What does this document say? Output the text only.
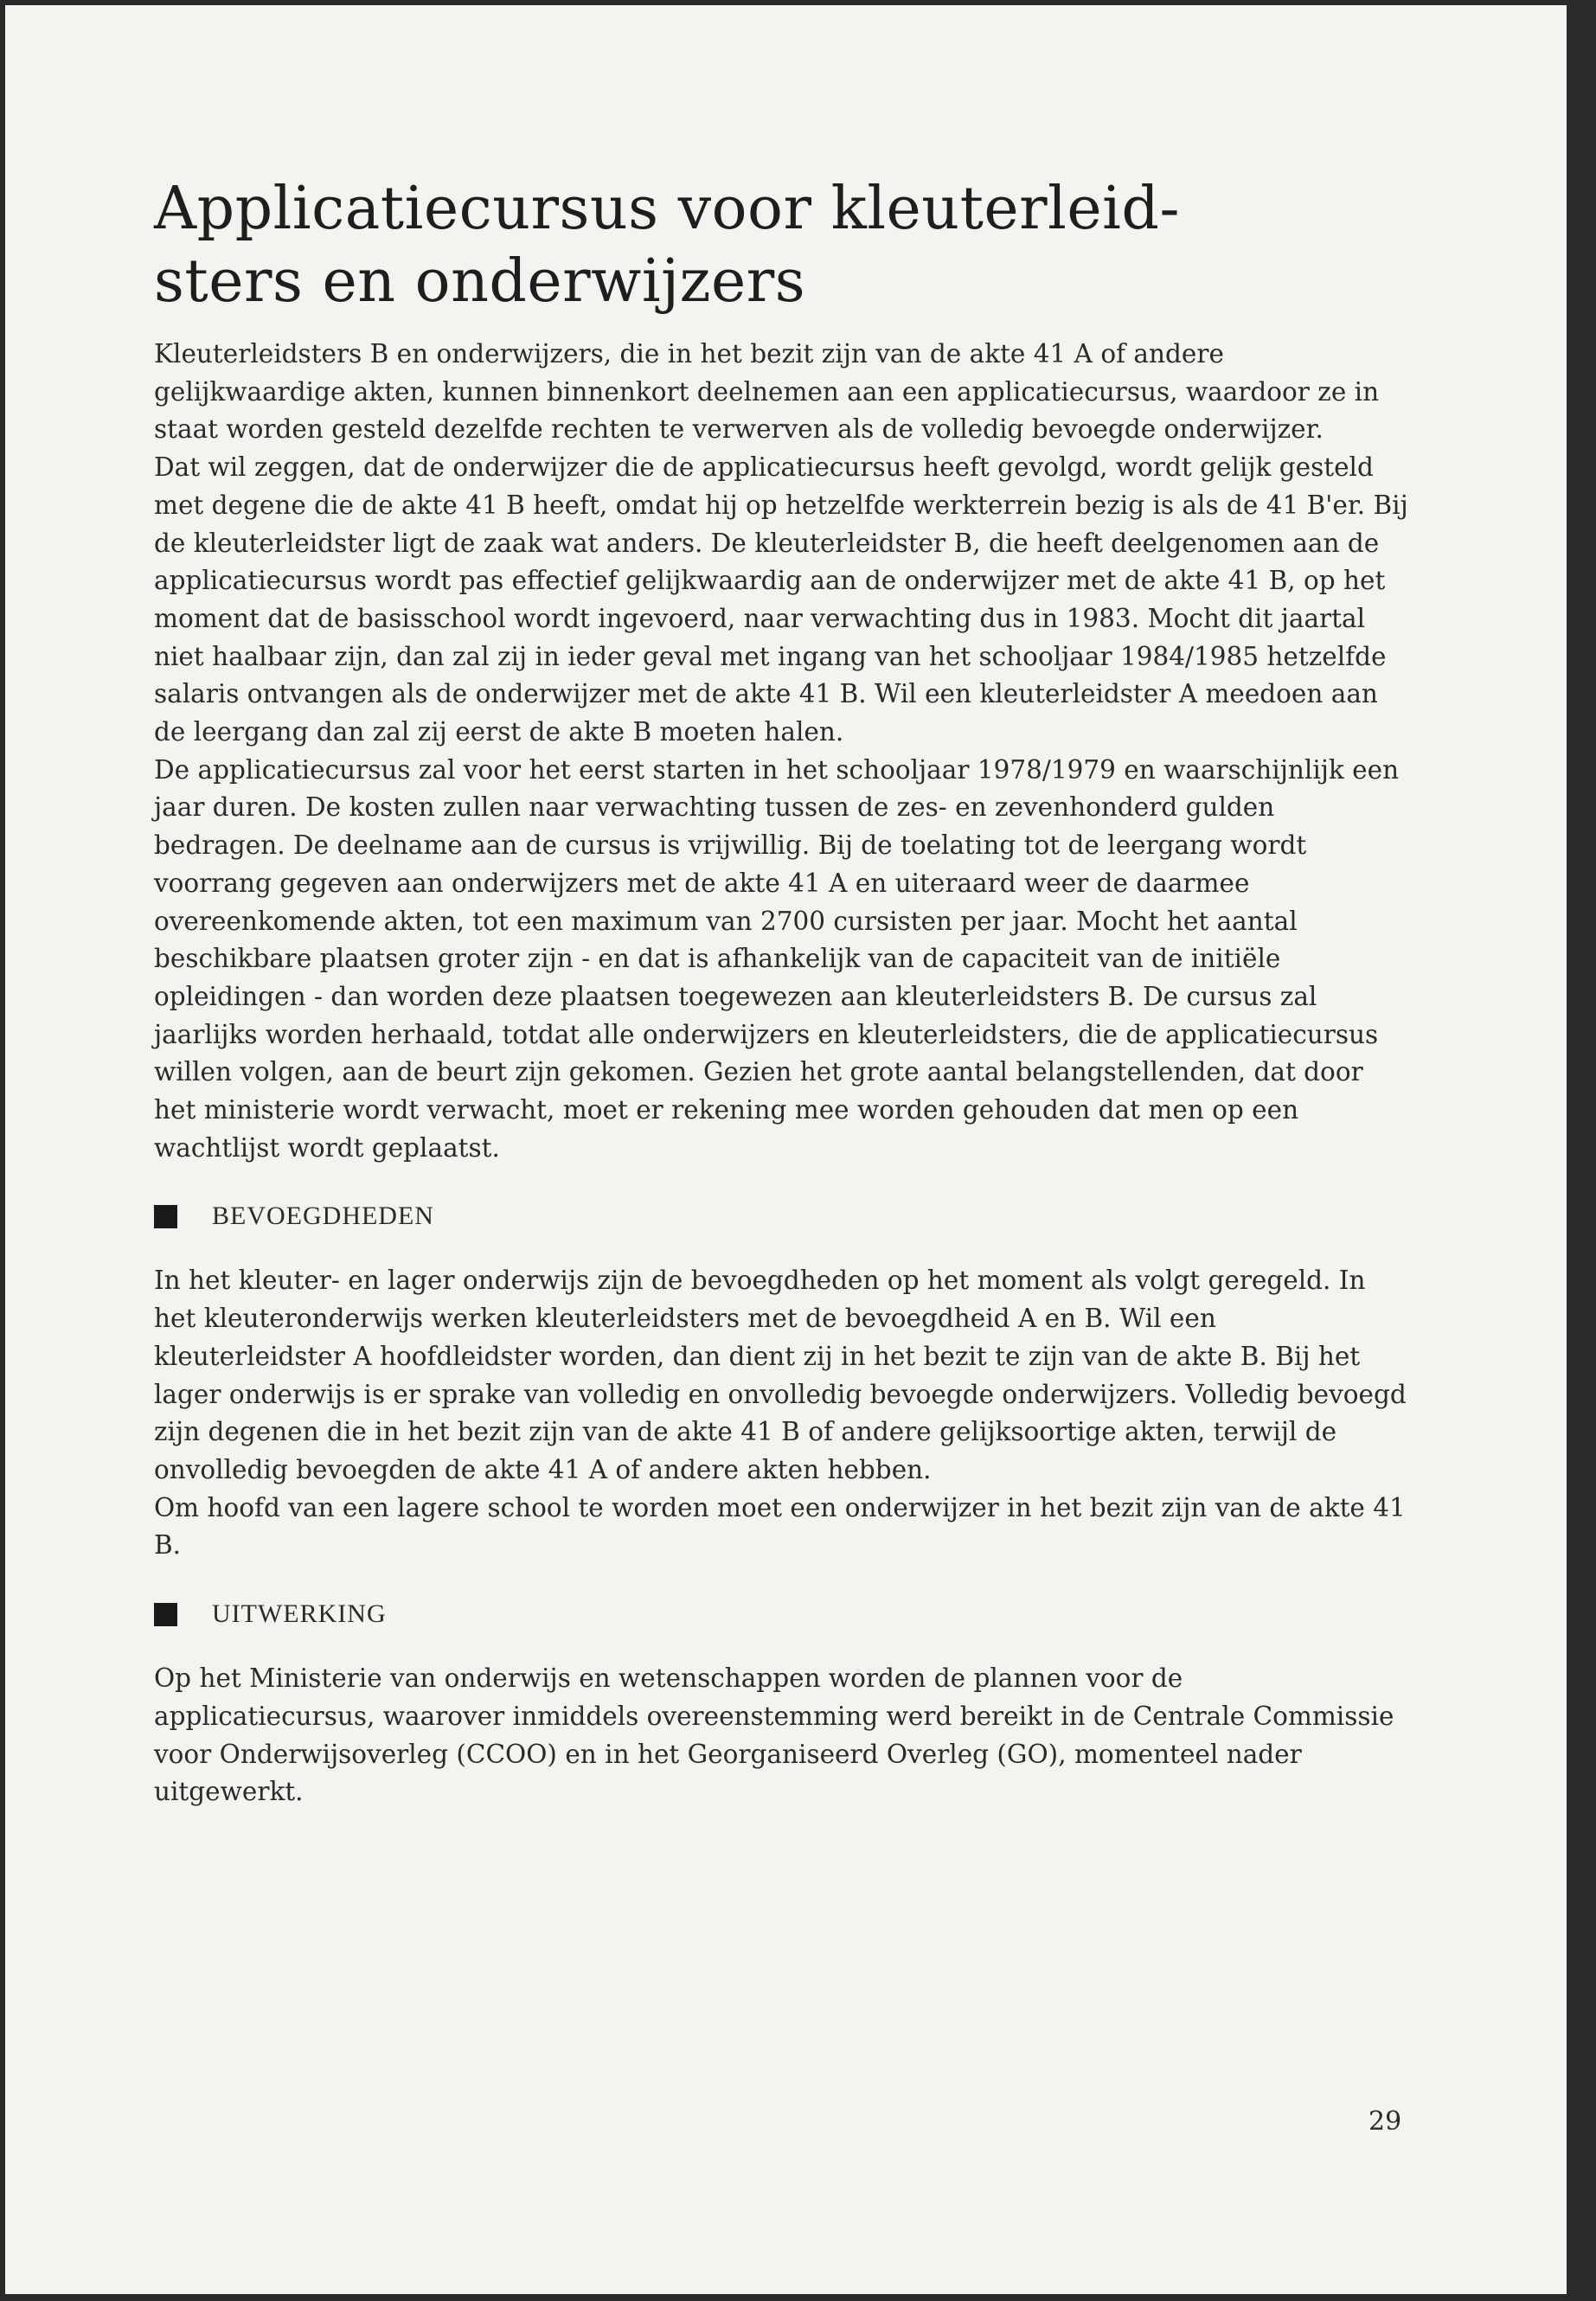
Applicatiecursus voor kleuterleid-
sters en onderwijzers

Kleuterleidsters B en onderwijzers, die in het bezit zijn van de akte 41 A of andere gelijkwaardige akten, kunnen binnenkort deelnemen aan een applicatiecursus, waardoor ze in staat worden gesteld dezelfde rechten te verwerven als de volledig bevoegde onderwijzer.

Dat wil zeggen, dat de onderwijzer die de applicatiecursus heeft gevolgd, wordt gelijk gesteld met degene die de akte 41 B heeft, omdat hij op hetzelfde werkterrein bezig is als de 41 B'er. Bij de kleuterleidster ligt de zaak wat anders. De kleuterleidster B, die heeft deelgenomen aan de applicatiecursus wordt pas effectief gelijkwaardig aan de onderwijzer met de akte 41 B, op het moment dat de basisschool wordt ingevoerd, naar verwachting dus in 1983. Mocht dit jaartal niet haalbaar zijn, dan zal zij in ieder geval met ingang van het schooljaar 1984/1985 hetzelfde salaris ontvangen als de onderwijzer met de akte 41 B. Wil een kleuterleidster A meedoen aan de leergang dan zal zij eerst de akte B moeten halen.

De applicatiecursus zal voor het eerst starten in het schooljaar 1978/1979 en waarschijnlijk een jaar duren. De kosten zullen naar verwachting tussen de zes- en zevenhonderd gulden bedragen. De deelname aan de cursus is vrijwillig. Bij de toelating tot de leergang wordt voorrang gegeven aan onderwijzers met de akte 41 A en uiteraard weer de daarmee overeenkomende akten, tot een maximum van 2700 cursisten per jaar. Mocht het aantal beschikbare plaatsen groter zijn - en dat is afhankelijk van de capaciteit van de initiële opleidingen - dan worden deze plaatsen toegewezen aan kleuterleidsters B. De cursus zal jaarlijks worden herhaald, totdat alle onderwijzers en kleuterleidsters, die de applicatiecursus willen volgen, aan de beurt zijn gekomen. Gezien het grote aantal belangstellenden, dat door het ministerie wordt verwacht, moet er rekening mee worden gehouden dat men op een wachtlijst wordt geplaatst.

BEVOEGDHEDEN

In het kleuter- en lager onderwijs zijn de bevoegdheden op het moment als volgt geregeld. In het kleuteronderwijs werken kleuterleidsters met de bevoegdheid A en B. Wil een kleuterleidster A hoofdleidster worden, dan dient zij in het bezit te zijn van de akte B. Bij het lager onderwijs is er sprake van volledig en onvolledig bevoegde onderwijzers. Volledig bevoegd zijn degenen die in het bezit zijn van de akte 41 B of andere gelijksoortige akten, terwijl de onvolledig bevoegden de akte 41 A of andere akten hebben.

Om hoofd van een lagere school te worden moet een onderwijzer in het bezit zijn van de akte 41 B.

UITWERKING

Op het Ministerie van onderwijs en wetenschappen worden de plannen voor de applicatiecursus, waarover inmiddels overeenstemming werd bereikt in de Centrale Commissie voor Onderwijsoverleg (CCOO) en in het Georganiseerd Overleg (GO), momenteel nader uitgewerkt.

29
